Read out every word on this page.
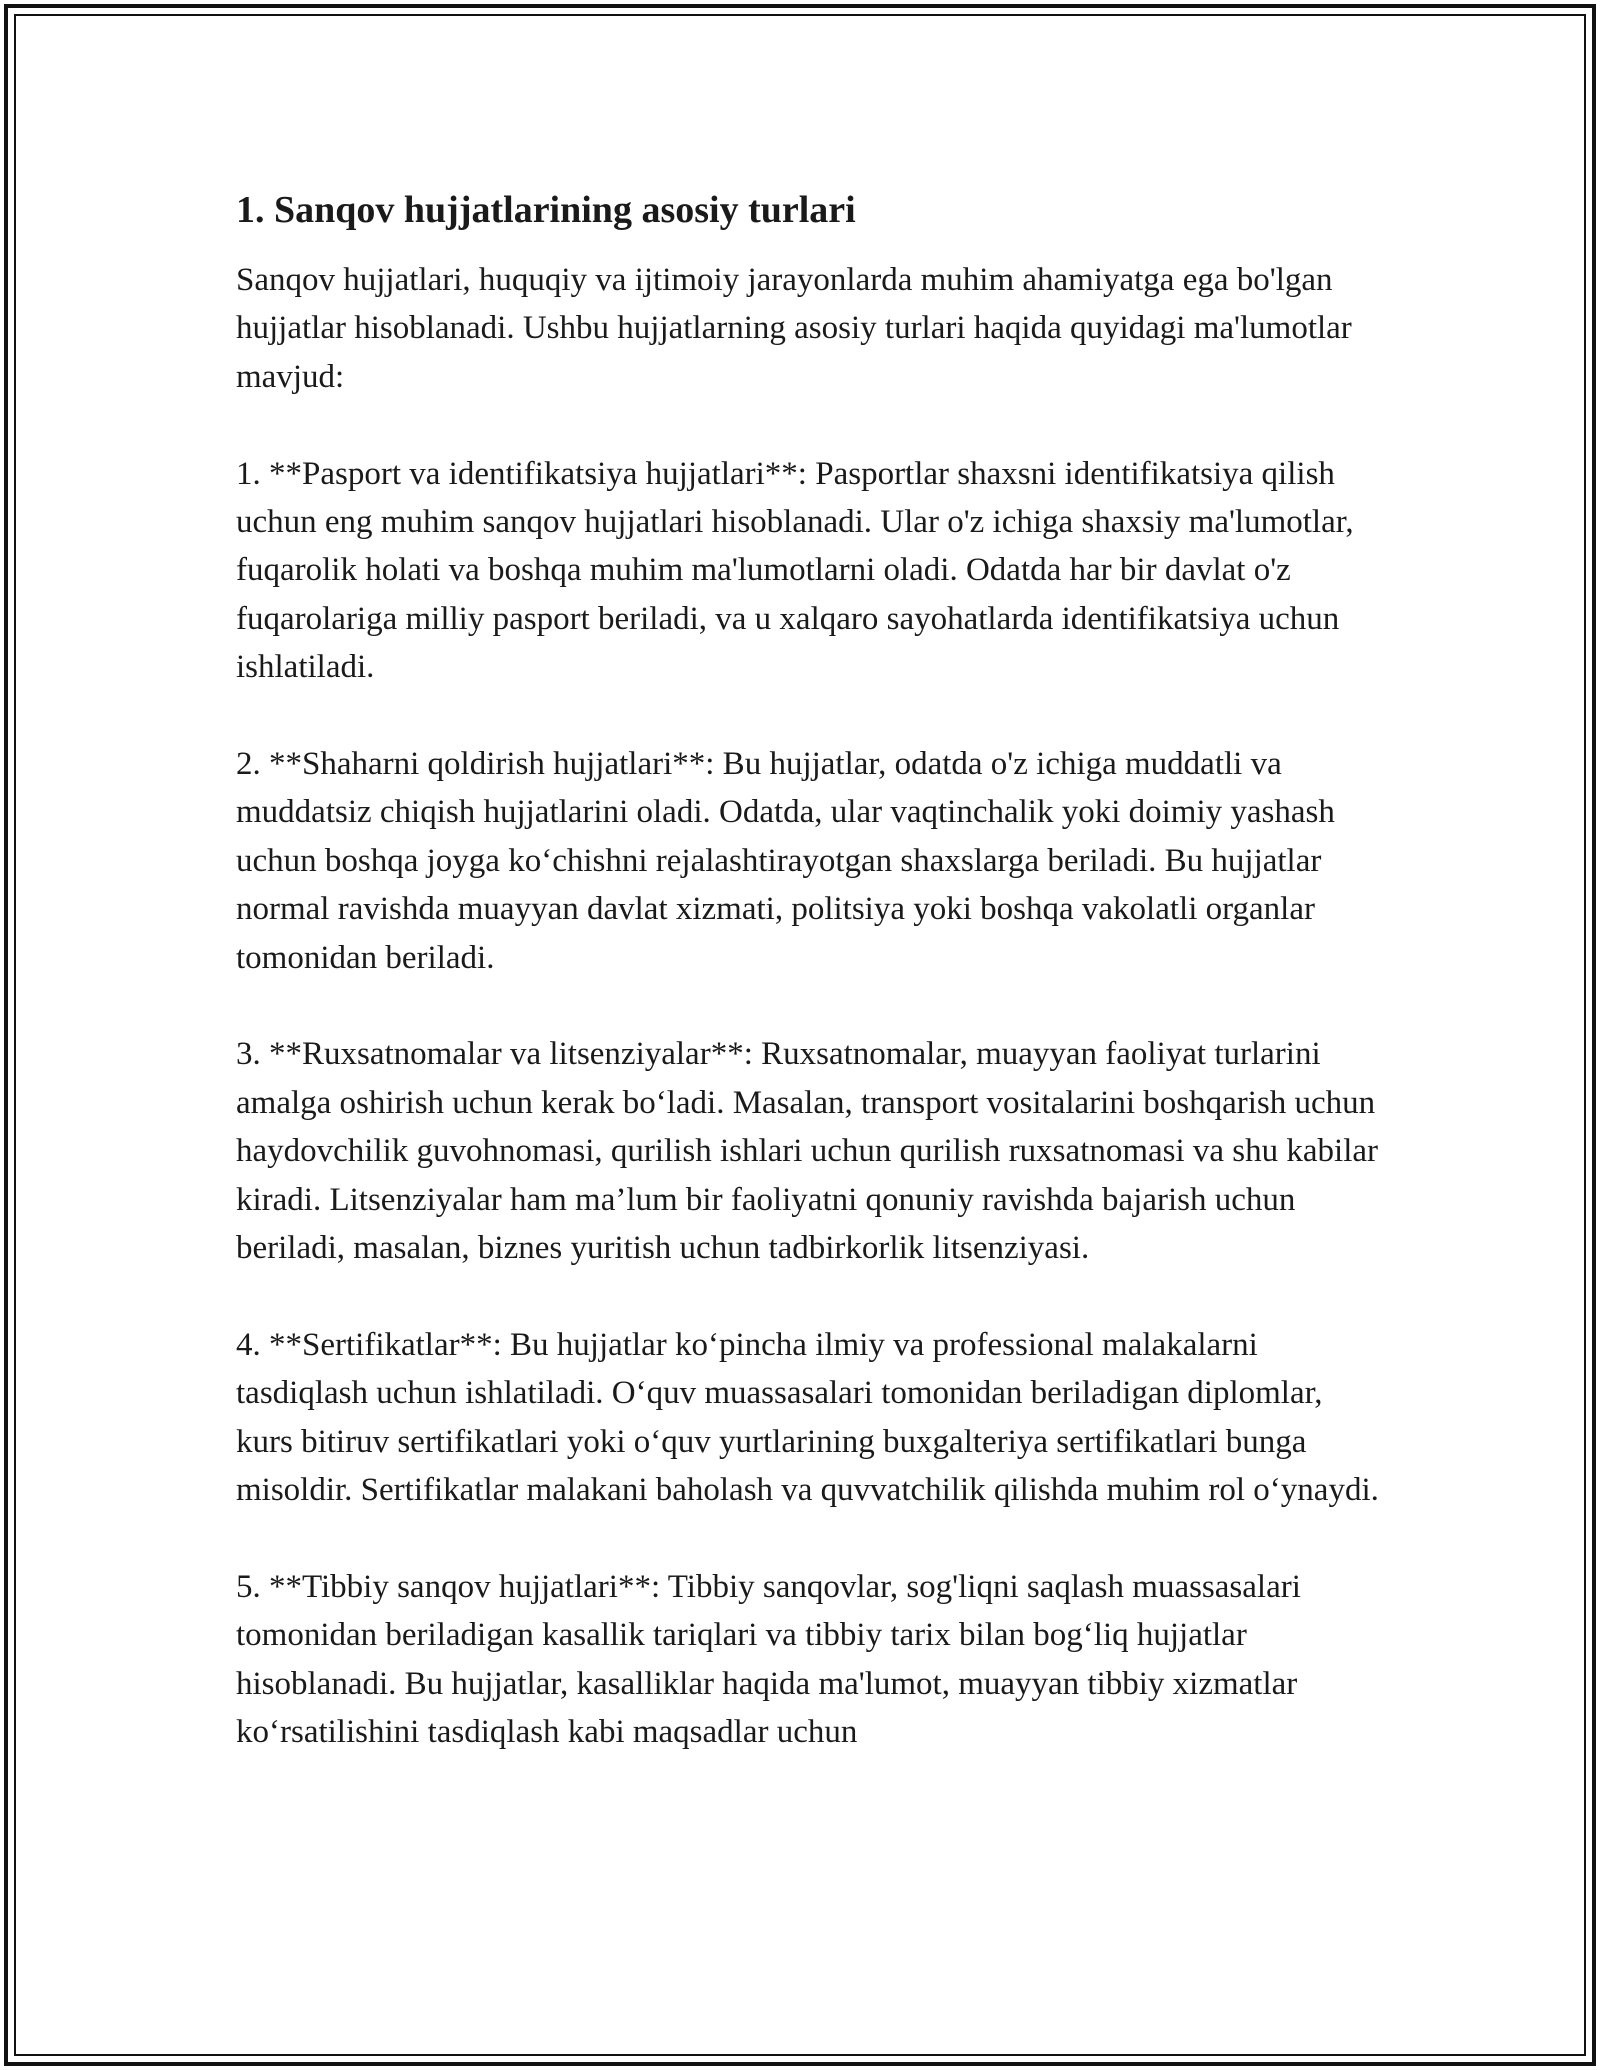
1. Sanqov hujjatlarining asosiy turlari

Sanqov hujjatlari, huquqiy va ijtimoiy jarayonlarda muhim ahamiyatga ega bo'lgan hujjatlar hisoblanadi. Ushbu hujjatlarning asosiy turlari haqida quyidagi ma'lumotlar mavjud:

1. **Pasport va identifikatsiya hujjatlari**: Pasportlar shaxsni identifikatsiya qilish uchun eng muhim sanqov hujjatlari hisoblanadi. Ular o'z ichiga shaxsiy ma'lumotlar, fuqarolik holati va boshqa muhim ma'lumotlarni oladi. Odatda har bir davlat o'z fuqarolariga milliy pasport beriladi, va u xalqaro sayohatlarda identifikatsiya uchun ishlatiladi.

2. **Shaharni qoldirish hujjatlari**: Bu hujjatlar, odatda o'z ichiga muddatli va muddatsiz chiqish hujjatlarini oladi. Odatda, ular vaqtinchalik yoki doimiy yashash uchun boshqa joyga ko‘chishni rejalashtirayotgan shaxslarga beriladi. Bu hujjatlar normal ravishda muayyan davlat xizmati, politsiya yoki boshqa vakolatli organlar tomonidan beriladi.

3. **Ruxsatnomalar va litsenziyalar**: Ruxsatnomalar, muayyan faoliyat turlarini amalga oshirish uchun kerak bo‘ladi. Masalan, transport vositalarini boshqarish uchun haydovchilik guvohnomasi, qurilish ishlari uchun qurilish ruxsatnomasi va shu kabilar kiradi. Litsenziyalar ham ma’lum bir faoliyatni qonuniy ravishda bajarish uchun beriladi, masalan, biznes yuritish uchun tadbirkorlik litsenziyasi.

4. **Sertifikatlar**: Bu hujjatlar ko‘pincha ilmiy va professional malakalarni tasdiqlash uchun ishlatiladi. O‘quv muassasalari tomonidan beriladigan diplomlar, kurs bitiruv sertifikatlari yoki o‘quv yurtlarining buxgalteriya sertifikatlari bunga misoldir. Sertifikatlar malakani baholash va quvvatchilik qilishda muhim rol o‘ynaydi.

5. **Tibbiy sanqov hujjatlari**: Tibbiy sanqovlar, sog'liqni saqlash muassasalari tomonidan beriladigan kasallik tariqlari va tibbiy tarix bilan bog‘liq hujjatlar hisoblanadi. Bu hujjatlar, kasalliklar haqida ma'lumot, muayyan tibbiy xizmatlar ko‘rsatilishini tasdiqlash kabi maqsadlar uchun
